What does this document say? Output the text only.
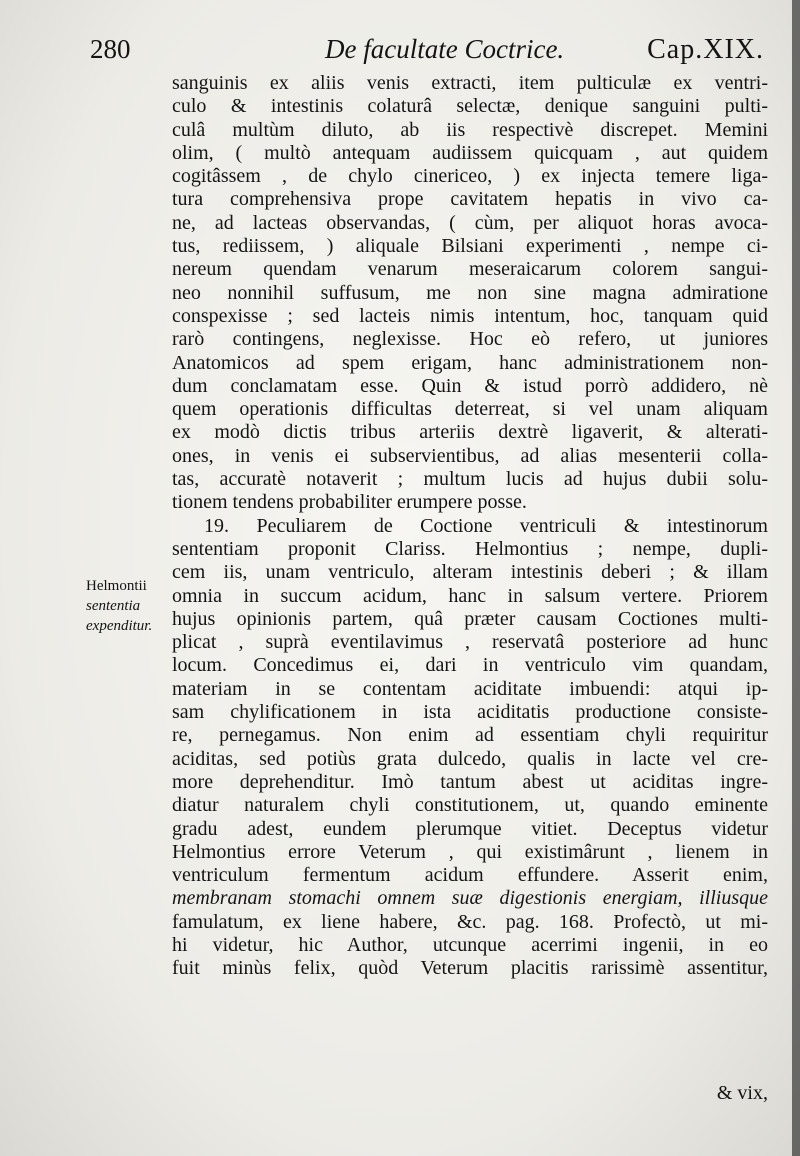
280	De facultate Coctrice.	Cap.XIX.
Helmontii
sententia
expenditur.
sanguinis ex aliis venis extracti, item pulticulæ ex ventri-
culo & intestinis colaturâ selectæ, denique sanguini pulti-
culâ multùm diluto, ab iis respectivè discrepet. Memini
olim, ( multò antequam audiissem quicquam , aut quidem
cogitâssem , de chylo cinericeo, ) ex injecta temere liga-
tura comprehensiva prope cavitatem hepatis in vivo ca-
ne, ad lacteas observandas, ( cùm, per aliquot horas avoca-
tus, rediissem, ) aliquale Bilsiani experimenti , nempe ci-
nereum quendam venarum meseraicarum colorem sangui-
neo nonnihil suffusum, me non sine magna admiratione
conspexisse ; sed lacteis nimis intentum, hoc, tanquam quid
rarò contingens, neglexisse. Hoc eò refero, ut juniores
Anatomicos ad spem erigam, hanc administrationem non-
dum conclamatam esse. Quin & istud porrò addidero, nè
quem operationis difficultas deterreat, si vel unam aliquam
ex modò dictis tribus arteriis dextrè ligaverit, & alterati-
ones, in venis ei subservientibus, ad alias mesenterii colla-
tas, accuratè notaverit ; multum lucis ad hujus dubii solu-
tionem tendens probabiliter erumpere posse.
19. Peculiarem de Coctione ventriculi & intestinorum
sententiam proponit Clariss. Helmontius ; nempe, dupli-
cem iis, unam ventriculo, alteram intestinis deberi ; & illam
omnia in succum acidum, hanc in salsum vertere. Priorem
hujus opinionis partem, quâ præter causam Coctiones multi-
plicat , suprà eventilavimus , reservatâ posteriore ad hunc
locum. Concedimus ei, dari in ventriculo vim quandam,
materiam in se contentam aciditate imbuendi: atqui ip-
sam chylificationem in ista aciditatis productione consiste-
re, pernegamus. Non enim ad essentiam chyli requiritur
aciditas, sed potiùs grata dulcedo, qualis in lacte vel cre-
more deprehenditur. Imò tantum abest ut aciditas ingre-
diatur naturalem chyli constitutionem, ut, quando eminente
gradu adest, eundem plerumque vitiet. Deceptus videtur
Helmontius errore Veterum , qui existimârunt , lienem in
ventriculum fermentum acidum effundere. Asserit enim,
membranam stomachi omnem suæ digestionis energiam, illiusque
famulatum, ex liene habere, &c. pag. 168. Profectò, ut mi-
hi videtur, hic Author, utcunque acerrimi ingenii, in eo
fuit minùs felix, quòd Veterum placitis rarissimè assentitur,
& vix,
